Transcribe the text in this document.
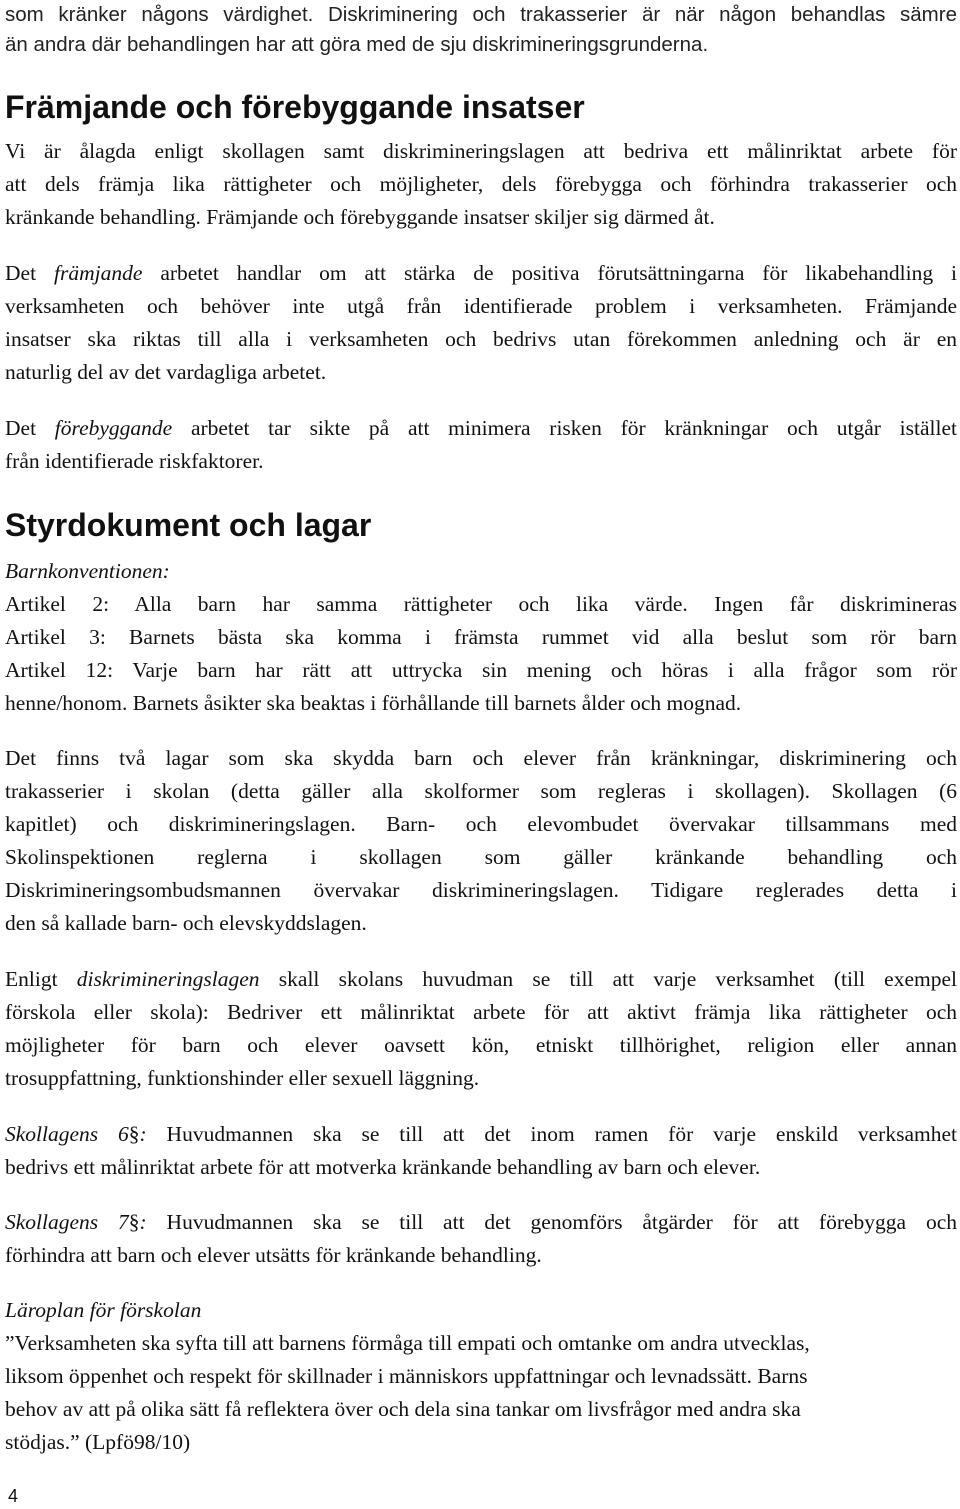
som kränker någons värdighet. Diskriminering och trakasserier är när någon behandlas sämre
än andra där behandlingen har att göra med de sju diskrimineringsgrunderna.
Främjande och förebyggande insatser
Vi är ålagda enligt skollagen samt diskrimineringslagen att bedriva ett målinriktat arbete för
att dels främja lika rättigheter och möjligheter, dels förebygga och förhindra trakasserier och
kränkande behandling. Främjande och förebyggande insatser skiljer sig därmed åt.
Det främjande arbetet handlar om att stärka de positiva förutsättningarna för likabehandling i
verksamheten och behöver inte utgå från identifierade problem i verksamheten. Främjande
insatser ska riktas till alla i verksamheten och bedrivs utan förekommen anledning och är en
naturlig del av det vardagliga arbetet.
Det förebyggande arbetet tar sikte på att minimera risken för kränkningar och utgår istället
från identifierade riskfaktorer.
Styrdokument och lagar
Barnkonventionen:
Artikel 2: Alla barn har samma rättigheter och lika värde. Ingen får diskrimineras
Artikel 3: Barnets bästa ska komma i främsta rummet vid alla beslut som rör barn
Artikel 12: Varje barn har rätt att uttrycka sin mening och höras i alla frågor som rör
henne/honom. Barnets åsikter ska beaktas i förhållande till barnets ålder och mognad.
Det finns två lagar som ska skydda barn och elever från kränkningar, diskriminering och
trakasserier i skolan (detta gäller alla skolformer som regleras i skollagen). Skollagen (6
kapitlet) och diskrimineringslagen. Barn- och elevombudet övervakar tillsammans med
Skolinspektionen reglerna i skollagen som gäller kränkande behandling och
Diskrimineringsombudsmannen övervakar diskrimineringslagen. Tidigare reglerades detta i
den så kallade barn- och elevskyddslagen.
Enligt diskrimineringslagen skall skolans huvudman se till att varje verksamhet (till exempel
förskola eller skola): Bedriver ett målinriktat arbete för att aktivt främja lika rättigheter och
möjligheter för barn och elever oavsett kön, etniskt tillhörighet, religion eller annan
trosuppfattning, funktionshinder eller sexuell läggning.
Skollagens 6§: Huvudmannen ska se till att det inom ramen för varje enskild verksamhet
bedrivs ett målinriktat arbete för att motverka kränkande behandling av barn och elever.
Skollagens 7§: Huvudmannen ska se till att det genomförs åtgärder för att förebygga och
förhindra att barn och elever utsätts för kränkande behandling.
Läroplan för förskolan
”Verksamheten ska syfta till att barnens förmåga till empati och omtanke om andra utvecklas,
liksom öppenhet och respekt för skillnader i människors uppfattningar och levnadssätt. Barns
behov av att på olika sätt få reflektera över och dela sina tankar om livsfrågor med andra ska
stödjas.” (Lpfö98/10)
4
